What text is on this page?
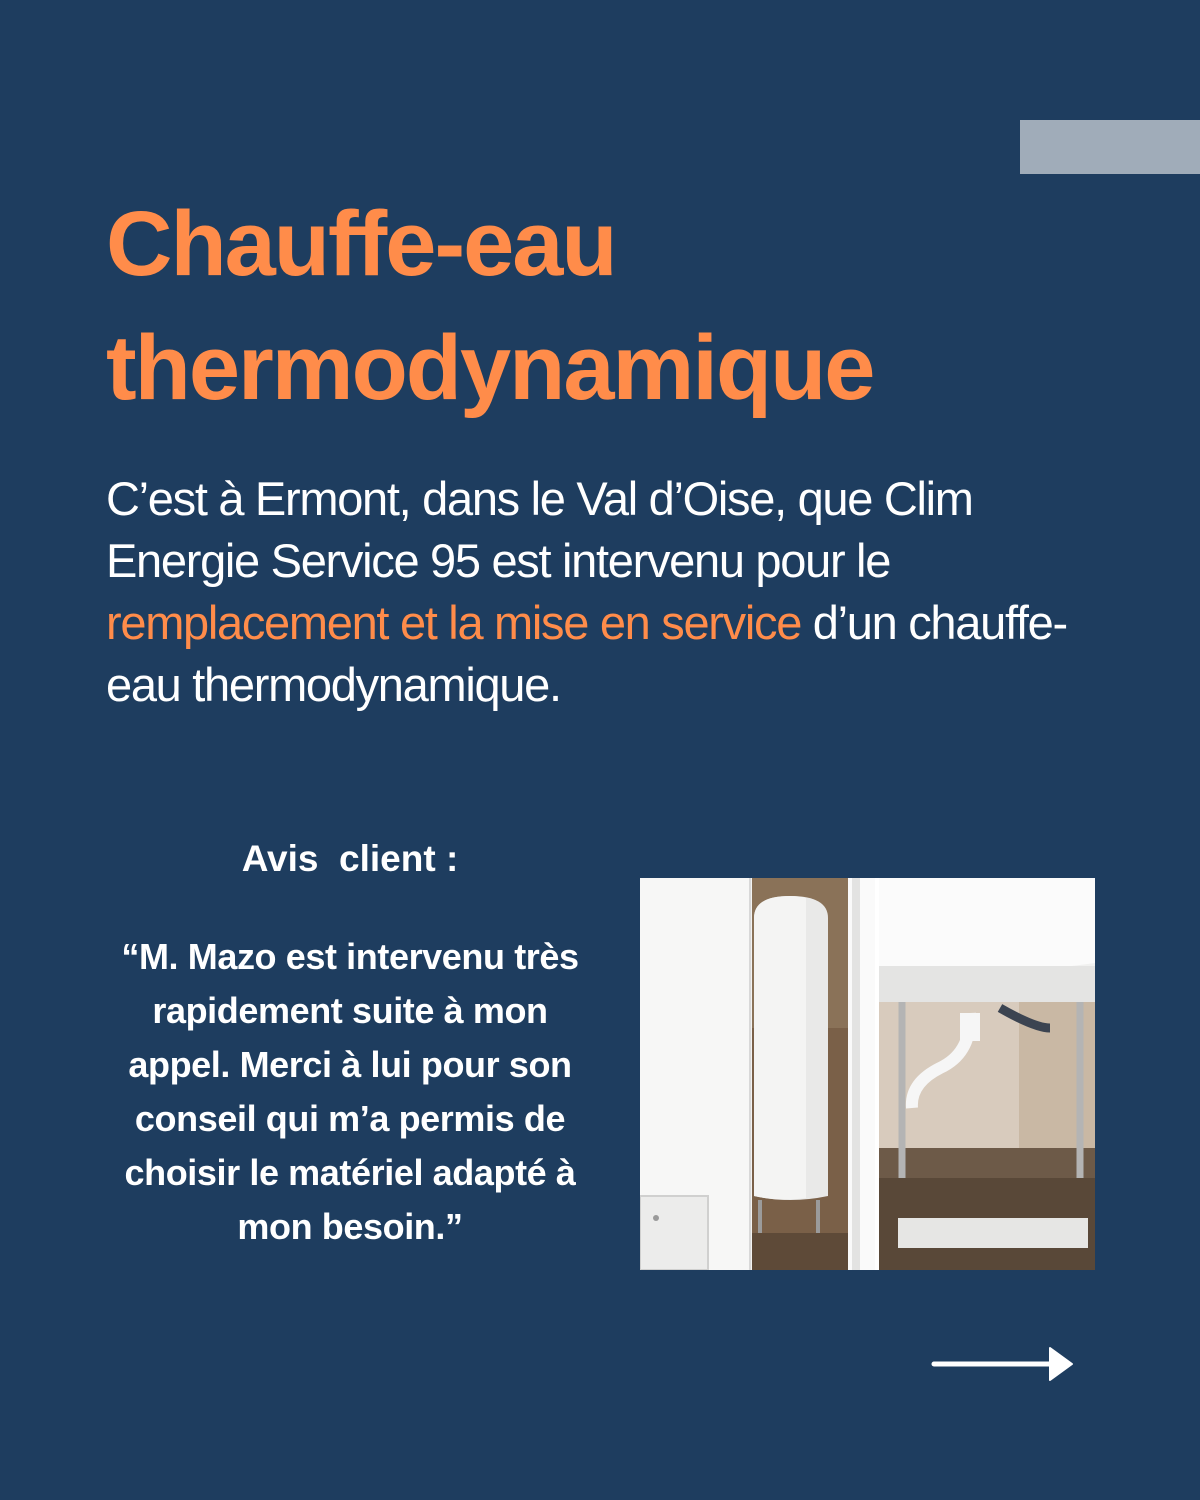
Chauffe-eau
thermodynamique

C’est à Ermont, dans le Val d’Oise, que Clim Energie Service 95 est intervenu pour le remplacement et la mise en service d’un chauffe-eau thermodynamique.

Avis  client :

“M. Mazo est intervenu très rapidement suite à mon appel. Merci à lui pour son conseil qui m’a permis de choisir le matériel adapté à mon besoin.”
